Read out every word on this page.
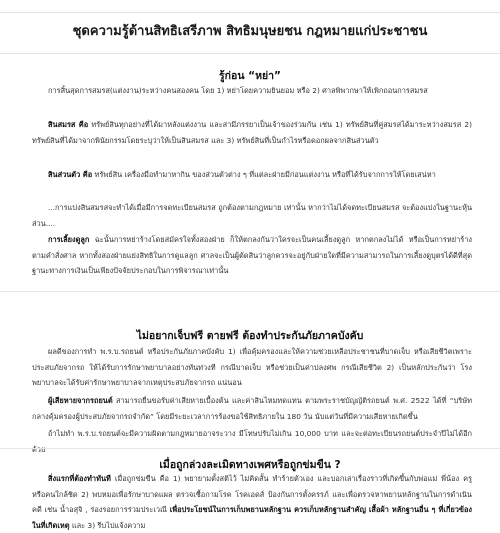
ชุดความรู้ด้านสิทธิเสรีภาพ สิทธิมนุษยชน กฎหมายแก่ประชาชน
รู้ก่อน “หย่า”

การสิ้นสุดการสมรส(แต่งงาน)ระหว่างคนสองคน โดย 1) หย่าโดยความยินยอม หรือ 2) ศาลพิพากษาให้เพิกถอนการสมรส

สินสมรส คือ ทรัพย์สินทุกอย่างที่ได้มาหลังแต่งงาน และสามีภรรยาเป็นเจ้าของร่วมกัน เช่น 1) ทรัพย์สินที่คู่สมรสได้มาระหว่างสมรส 2) ทรัพย์สินที่ได้มาจากพินัยกรรมโดยระบุว่าให้เป็นสินสมรส และ 3) ทรัพย์สินที่เป็นกำไรหรือดอกผลจากสินส่วนตัว

สินส่วนตัว คือ ทรัพย์สิน เครื่องมือทำมาหากิน ของส่วนตัวต่าง ๆ ที่แต่ละฝ่ายมีก่อนแต่งงาน หรือที่ได้รับจากการให้โดยเสน่หา

...การแบ่งสินสมรสจะทำได้เมื่อมีการจดทะเบียนสมรส ถูกต้องตามกฎหมาย เท่านั้น หากว่าไม่ได้จดทะเบียนสมรส จะต้องแบ่งในฐานะหุ้นส่วน....

การเลี้ยงดูลูก ฉะนั้นการหย่าร้างโดยสมัครใจทั้งสองฝ่าย ก็ให้ตกลงกันว่าใครจะเป็นคนเลี้ยงดูลูก หากตกลงไม่ได้ หรือเป็นการหย่าร้างตามคำสั่งศาล หากทั้งสองฝ่ายแย่งสิทธิในการดูแลลูก ศาลจะเป็นผู้ตัดสินว่าลูกควรจะอยู่กับฝ่ายใดที่มีความสามารถในการเลี้ยงดูบุตรได้ดีที่สุด ฐานะทางการเงินเป็นเพียงปัจจัยประกอบในการพิจารณาเท่านั้น

ไม่อยากเจ็บฟรี ตายฟรี ต้องทำประกันภัยภาคบังคับ

ผลดีของการทำ พ.ร.บ.รถยนต์ หรือประกันภัยภาคบังคับ 1) เพื่อคุ้มครองและให้ความช่วยเหลือประชาชนที่บาดเจ็บ หรือเสียชีวิตเพราะประสบภัยจากรถ ให้ได้รับการรักษาพยาบาลอย่างทันท่วงที กรณีบาดเจ็บ หรือช่วยเป็นค่าปลงศพ กรณีเสียชีวิต 2) เป็นหลักประกันว่า โรงพยาบาลจะได้รับค่ารักษาพยาบาลจากเหตุประสบภัยจากรถ แน่นอน

ผู้เสียหายจากรถยนต์ สามารถยื่นขอรับค่าเสียหายเบื้องต้น และค่าสินไหมทดแทน ตามพระราชบัญญัติรถยนต์ พ.ศ. 2522 ได้ที่ “บริษัทกลางคุ้มครองผู้ประสบภัยจากรถจำกัด” โดยมีระยะเวลาการร้องขอใช้สิทธิภายใน 180 วัน นับแต่วันที่มีความเสียหายเกิดขึ้น

ถ้าไม่ทำ พ.ร.บ.รถยนต์จะมีความผิดตามกฎหมายอาจระวาง มีโทษปรับไม่เกิน 10,000 บาท และจะต่อทะเบียนรถยนต์ประจำปีไม่ได้อีกด้วย

เมื่อถูกล่วงละเมิดทางเพศหรือถูกข่มขืน ?

สิ่งแรกที่ต้องทำทันที เมื่อถูกข่มขืน คือ 1) พยายามตั้งสติไว้ ไม่คิดสั้น ทำร้ายตัวเอง และบอกเล่าเรื่องราวที่เกิดขึ้นกับพ่อแม่ พี่น้อง ครู หรือคนใกล้ชิด 2) พบหมอเพื่อรักษาบาดแผล ตรวจเชื้อกามโรค โรคเอดส์ ป้องกันการตั้งครรภ์ และเพื่อตรวจหาพยานหลักฐานในการดำเนินคดี เช่น น้ำอสุจิ , ร่องรอยการร่วมประเวณี เพื่อประโยชน์ในการเก็บพยานหลักฐาน ควรเก็บหลักฐานสำคัญ เสื้อผ้า หลักฐานอื่น ๆ ที่เกี่ยวข้องในที่เกิดเหตุ และ 3) รีบไปแจ้งความ
